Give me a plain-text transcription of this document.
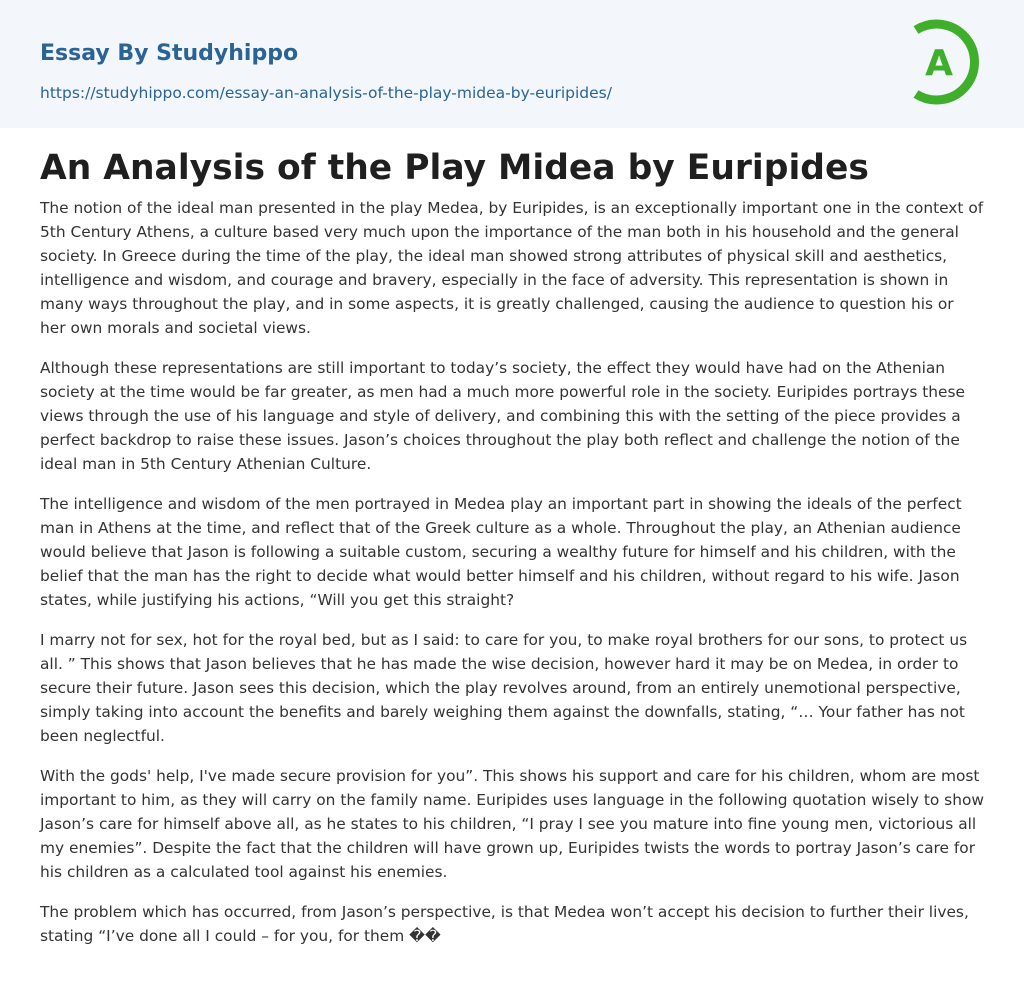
Essay By Studyhippo
https://studyhippo.com/essay-an-analysis-of-the-play-midea-by-euripides/
A
An Analysis of the Play Midea by Euripides

The notion of the ideal man presented in the play Medea, by Euripides, is an exceptionally important one in the context of 5th Century Athens, a culture based very much upon the importance of the man both in his household and the general society. In Greece during the time of the play, the ideal man showed strong attributes of physical skill and aesthetics, intelligence and wisdom, and courage and bravery, especially in the face of adversity. This representation is shown in many ways throughout the play, and in some aspects, it is greatly challenged, causing the audience to question his or her own morals and societal views.

Although these representations are still important to today’s society, the effect they would have had on the Athenian society at the time would be far greater, as men had a much more powerful role in the society. Euripides portrays these views through the use of his language and style of delivery, and combining this with the setting of the piece provides a perfect backdrop to raise these issues. Jason’s choices throughout the play both reflect and challenge the notion of the ideal man in 5th Century Athenian Culture.

The intelligence and wisdom of the men portrayed in Medea play an important part in showing the ideals of the perfect man in Athens at the time, and reflect that of the Greek culture as a whole. Throughout the play, an Athenian audience would believe that Jason is following a suitable custom, securing a wealthy future for himself and his children, with the belief that the man has the right to decide what would better himself and his children, without regard to his wife. Jason states, while justifying his actions, “Will you get this straight?

I marry not for sex, hot for the royal bed, but as I said: to care for you, to make royal brothers for our sons, to protect us all. ” This shows that Jason believes that he has made the wise decision, however hard it may be on Medea, in order to secure their future. Jason sees this decision, which the play revolves around, from an entirely unemotional perspective, simply taking into account the benefits and barely weighing them against the downfalls, stating, “… Your father has not been neglectful.

With the gods' help, I've made secure provision for you”. This shows his support and care for his children, whom are most important to him, as they will carry on the family name. Euripides uses language in the following quotation wisely to show Jason’s care for himself above all, as he states to his children, “I pray I see you mature into fine young men, victorious all my enemies”. Despite the fact that the children will have grown up, Euripides twists the words to portray Jason’s care for his children as a calculated tool against his enemies.

The problem which has occurred, from Jason’s perspective, is that Medea won’t accept his decision to further their lives, stating “I’ve done all I could – for you, for them ��
